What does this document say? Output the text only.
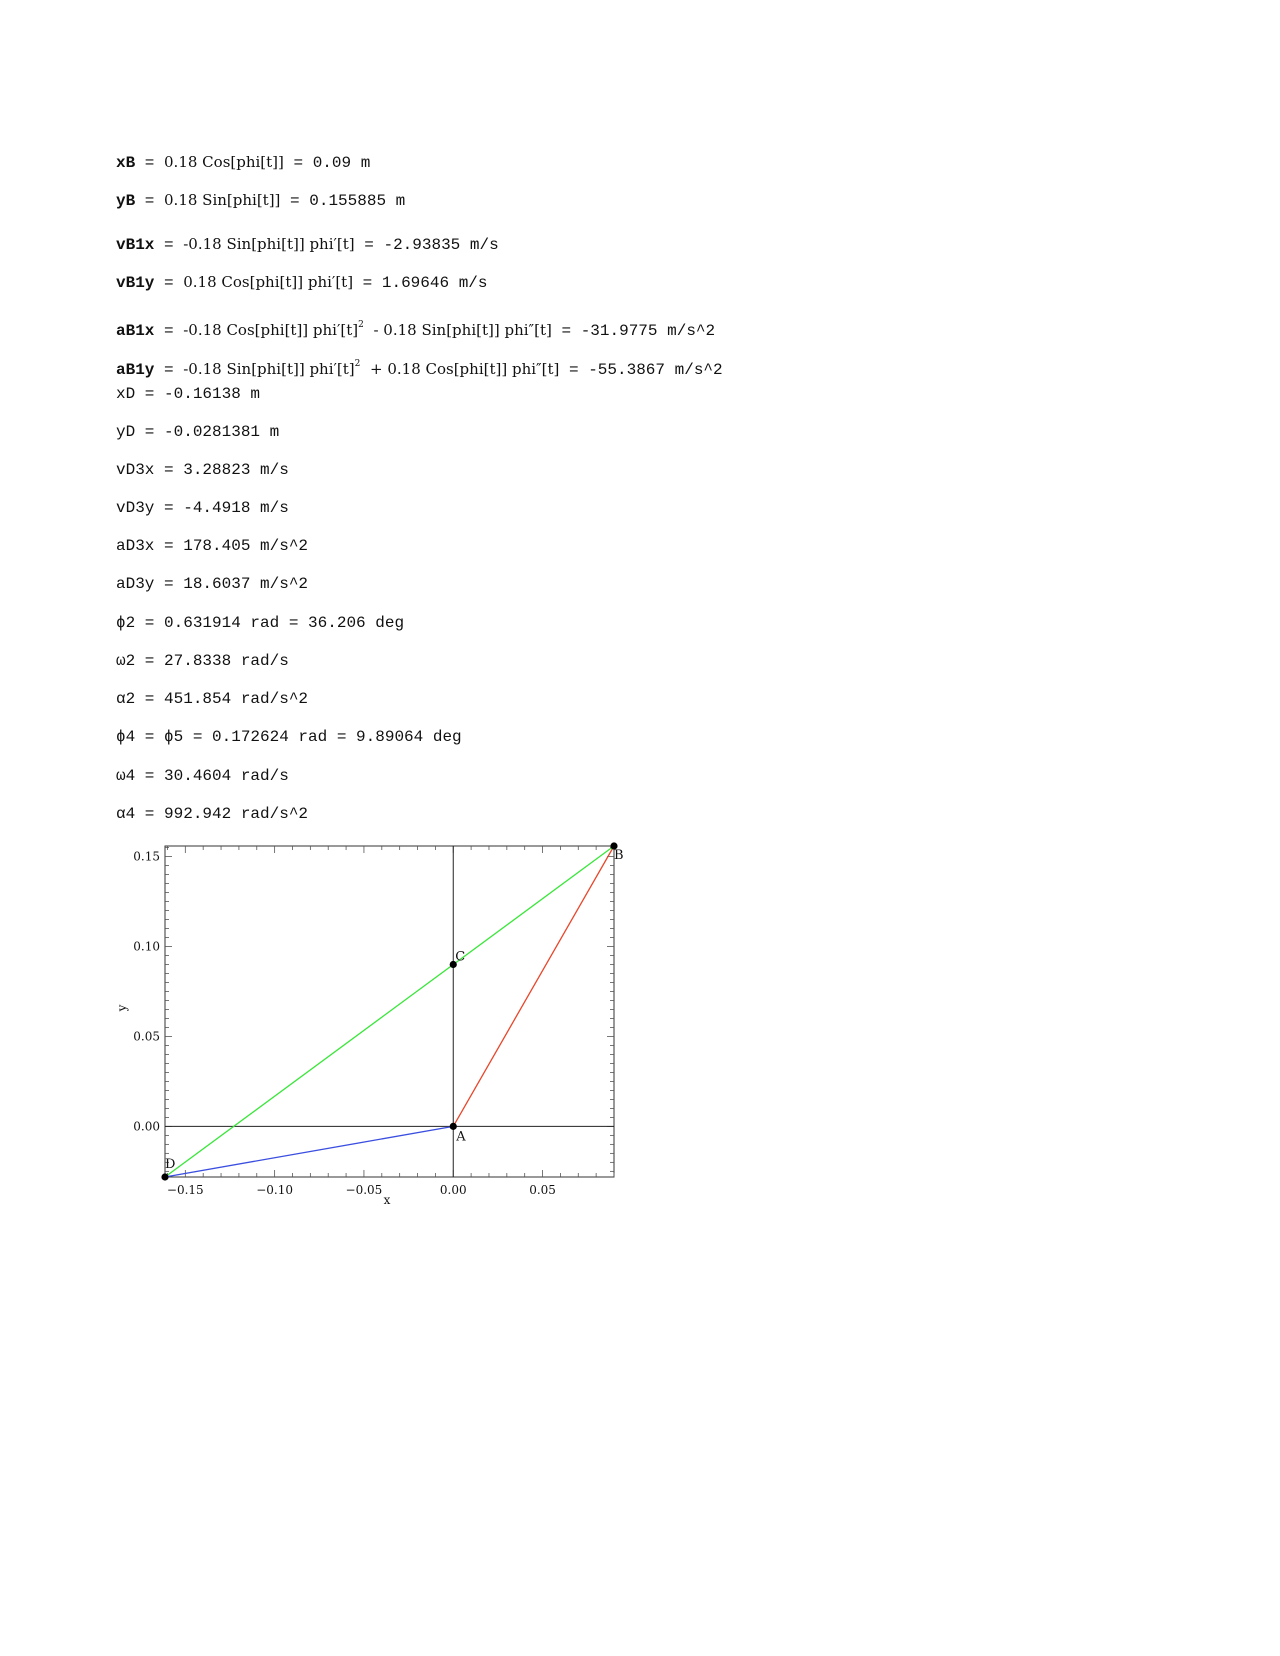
xB = 0.18 Cos[phi[t]] = 0.09 m
yB = 0.18 Sin[phi[t]] = 0.155885 m
vB1x = -0.18 Sin[phi[t]] phi′[t] = -2.93835 m/s
vB1y = 0.18 Cos[phi[t]] phi′[t] = 1.69646 m/s
aB1x = -0.18 Cos[phi[t]] $phi'[t]^2 - 0.18$ Sin[phi[t]] phi″[t] = -31.9775 m/s^2
aB1y = -0.18 Sin[phi[t]] $phi'[t]^2 + 0.18$ Cos[phi[t]] phi″[t] = -55.3867 m/s^2
xD = -0.16138 m
yD = -0.0281381 m
vD3x = 3.28823 m/s
vD3y = -4.4918 m/s
aD3x = 178.405 m/s^2
aD3y = 18.6037 m/s^2
ϕ2 = 0.631914 rad = 36.206 deg
ω2 = 27.8338 rad/s
α2 = 451.854 rad/s^2
ϕ4 = ϕ5 = 0.172624 rad = 9.89064 deg
ω4 = 30.4604 rad/s
α4 = 992.942 rad/s^2
−0.15	−0.10	−0.05	0.00	0.05
0.00
0.05
0.10
0.15
x
y
A
B
C
D
